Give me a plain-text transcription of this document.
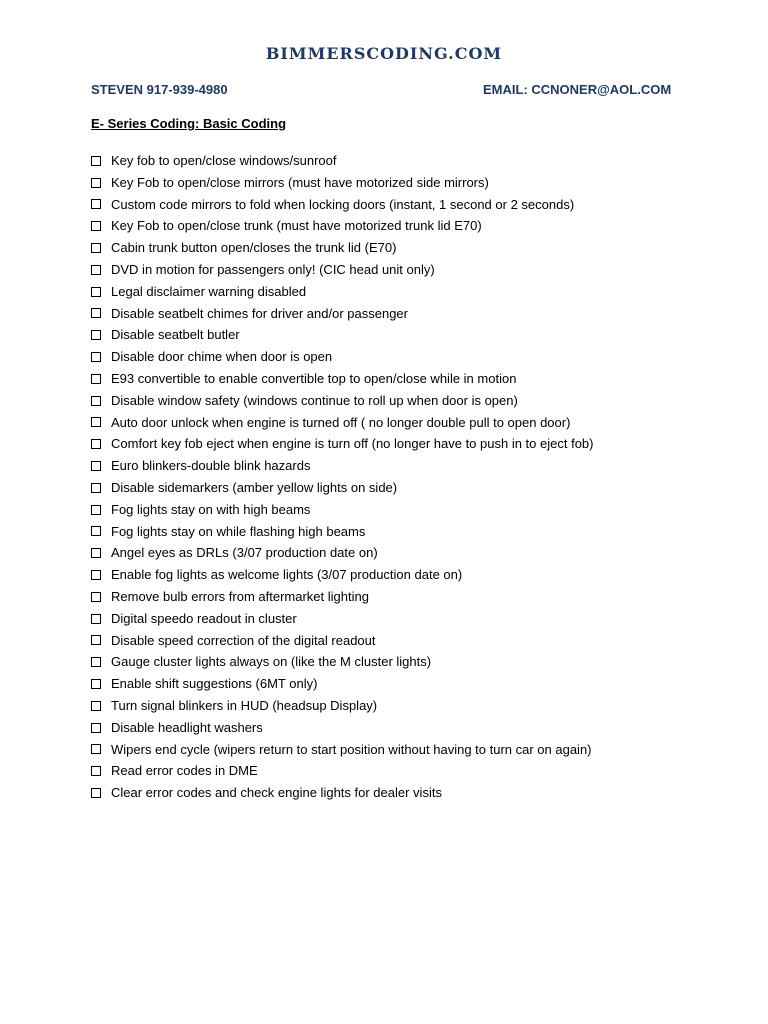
BIMMERSCODING.COM
STEVEN 917-939-4980	EMAIL: CCNONER@AOL.COM
E- Series Coding: Basic Coding
Key fob to open/close windows/sunroof
Key Fob to open/close mirrors (must have motorized side mirrors)
Custom code mirrors to fold when locking doors (instant, 1 second or 2 seconds)
Key Fob to open/close trunk (must have motorized trunk lid E70)
Cabin trunk button open/closes the trunk lid (E70)
DVD in motion for passengers only! (CIC head unit only)
Legal disclaimer warning disabled
Disable seatbelt chimes for driver and/or passenger
Disable seatbelt butler
Disable door chime when door is open
E93 convertible to enable convertible top to open/close while in motion
Disable window safety (windows continue to roll up when door is open)
Auto door unlock when engine is turned off ( no longer double pull to open door)
Comfort key fob eject when engine is turn off (no longer have to push in to eject fob)
Euro blinkers-double blink hazards
Disable sidemarkers (amber yellow lights on side)
Fog lights stay on with high beams
Fog lights stay on while flashing high beams
Angel eyes as DRLs (3/07 production date on)
Enable fog lights as welcome lights (3/07 production date on)
Remove bulb errors from aftermarket lighting
Digital speedo readout in cluster
Disable speed correction of the digital readout
Gauge cluster lights always on (like the M cluster lights)
Enable shift suggestions (6MT only)
Turn signal blinkers in HUD (headsup Display)
Disable headlight washers
Wipers end cycle (wipers return to start position without having to turn car on again)
Read error codes in DME
Clear error codes and check engine lights for dealer visits
